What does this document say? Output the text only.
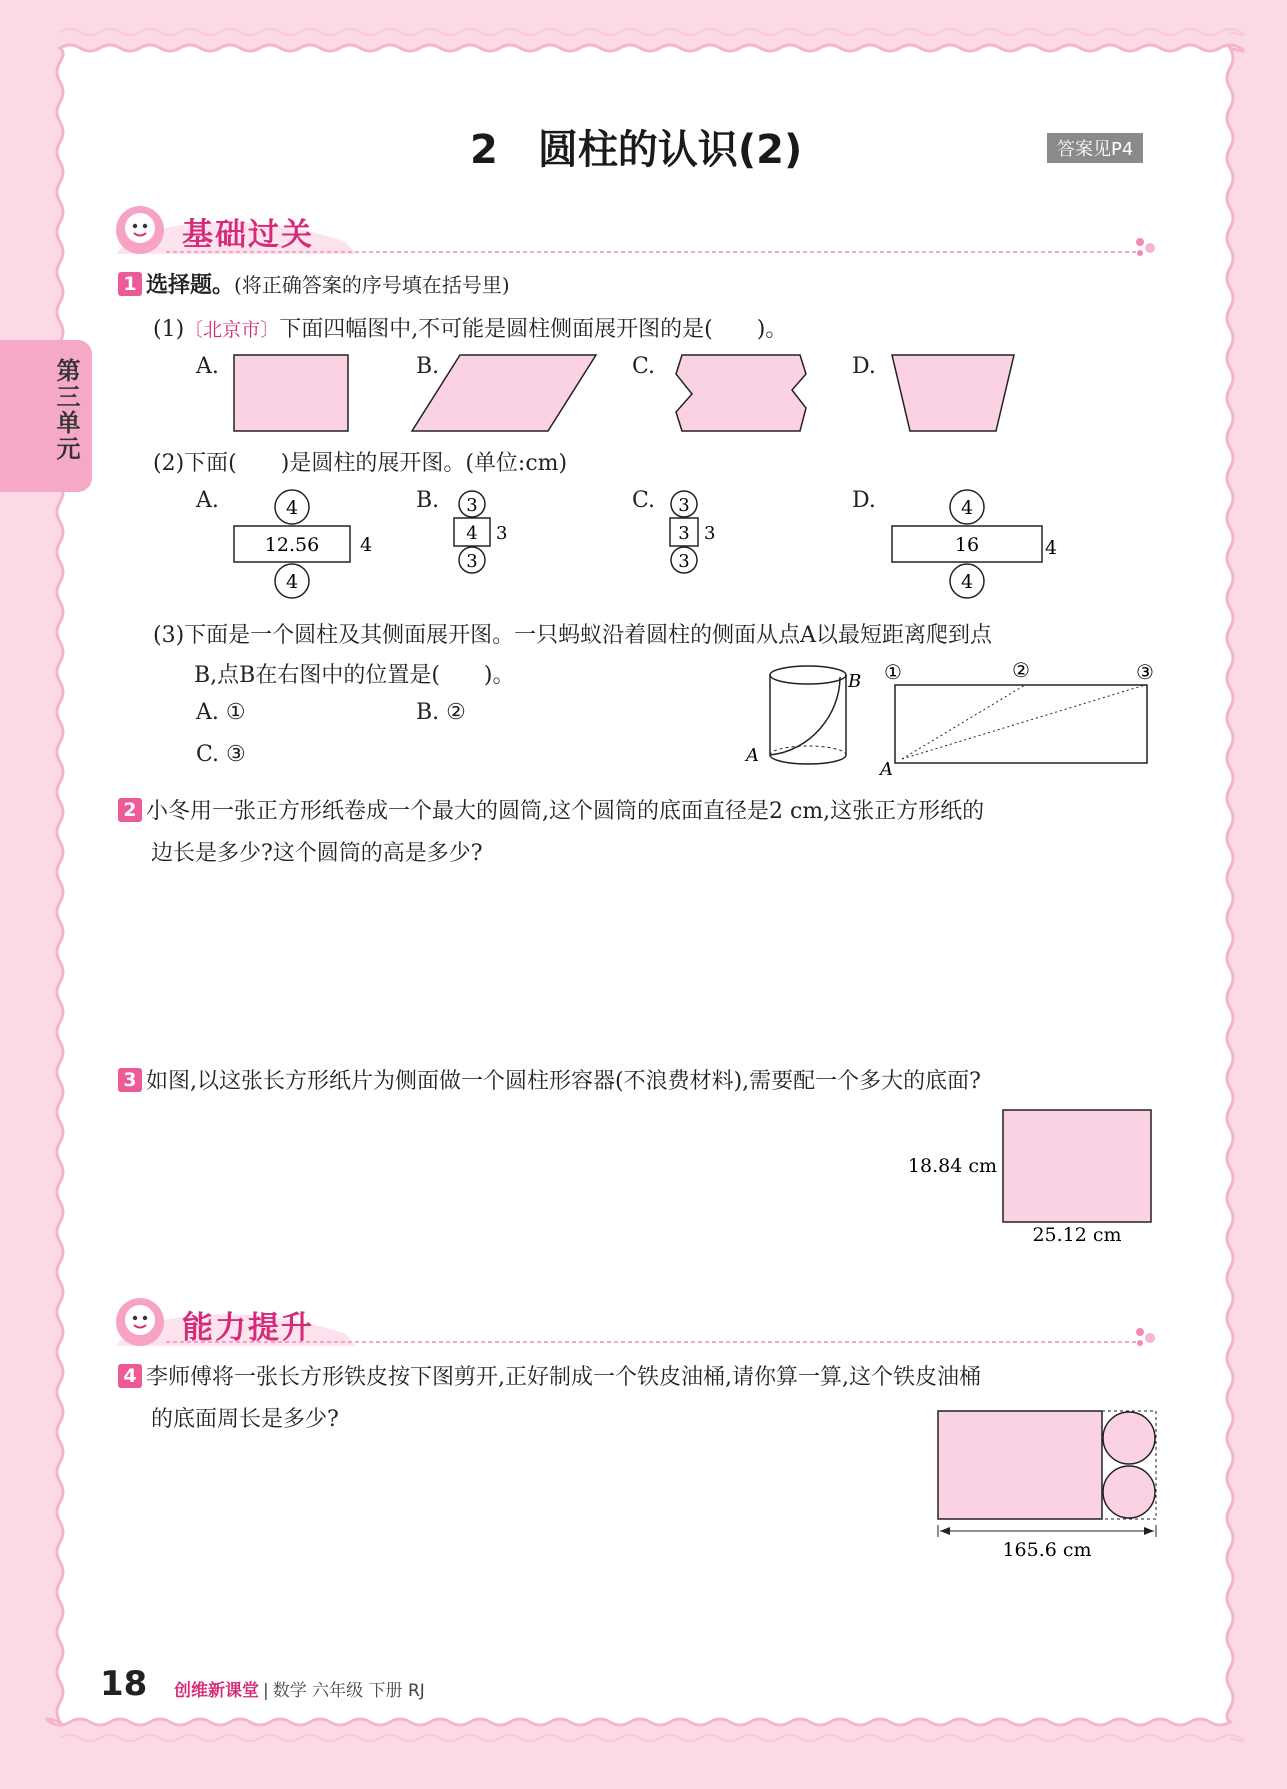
第三单元
2　圆柱的认识(2)	答案见P4
基础过关
1 选择题。(将正确答案的序号填在括号里)
(1)〔北京市〕下面四幅图中,不可能是圆柱侧面展开图的是(　　)。
A.	B.	C.	D.
(2)下面(　　)是圆柱的展开图。(单位:cm)
A.	B.	C.	D.
4
12.56 4
4
3
4 3
3
3
3 3
3
4
16	4
4
(3)下面是一个圆柱及其侧面展开图。一只蚂蚁沿着圆柱的侧面从点A以最短距离爬到点
B,点B在右图中的位置是(　　)。
A. ①	B. ②
C. ③	A
B
A
①	②	③
2 小冬用一张正方形纸卷成一个最大的圆筒,这个圆筒的底面直径是2 cm,这张正方形纸的
边长是多少?这个圆筒的高是多少?
3 如图,以这张长方形纸片为侧面做一个圆柱形容器(不浪费材料),需要配一个多大的底面?
18.84 cm
25.12 cm
能力提升
4 李师傅将一张长方形铁皮按下图剪开,正好制成一个铁皮油桶,请你算一算,这个铁皮油桶
的底面周长是多少?
165.6 cm
18 创维新课堂 | 数学 六年级 下册 RJ
